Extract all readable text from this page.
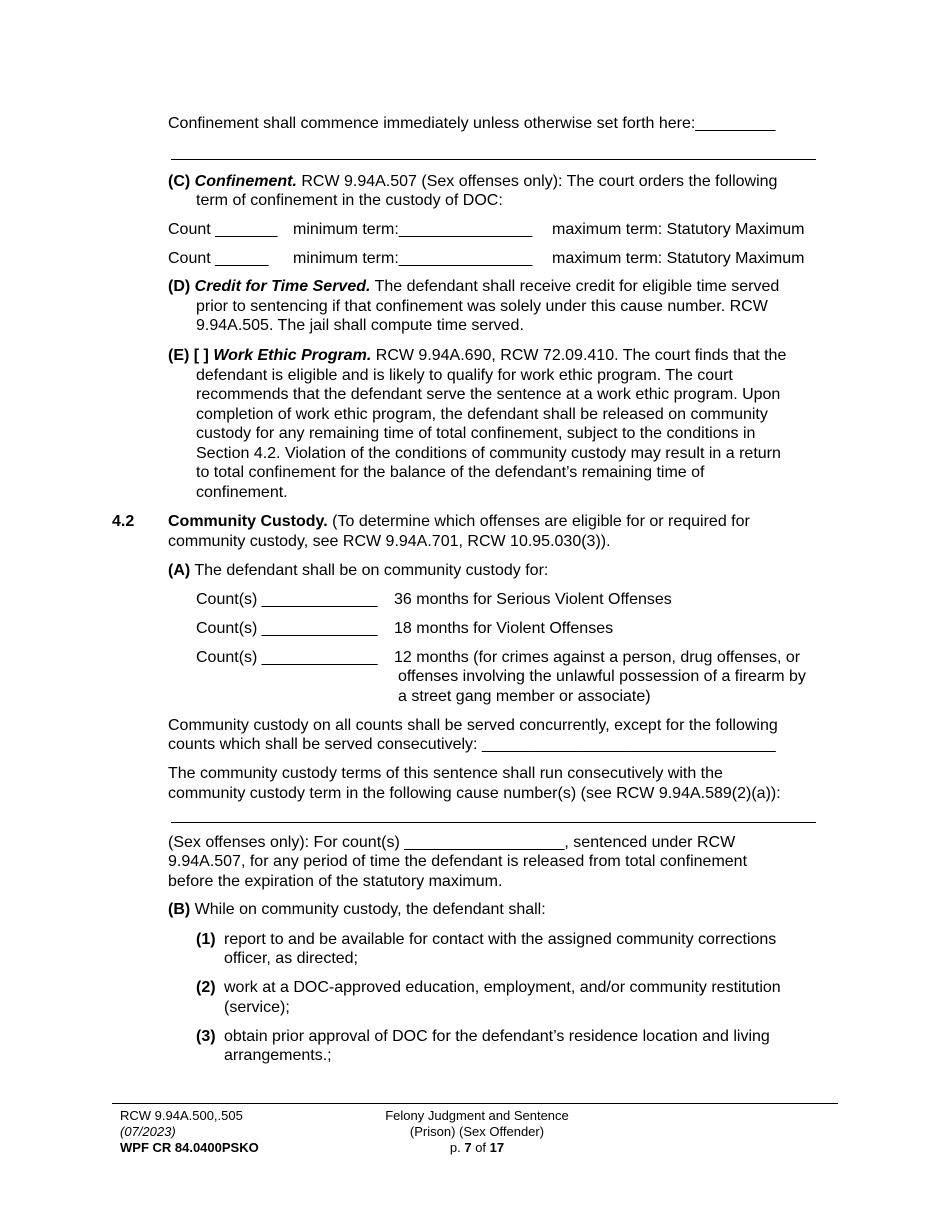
Confinement shall commence immediately unless otherwise set forth here:_________
(C) Confinement. RCW 9.94A.507 (Sex offenses only): The court orders the following
term of confinement in the custody of DOC:
Count _______ minimum term:_______________ maximum term: Statutory Maximum
Count ______ minimum term:_______________ maximum term: Statutory Maximum
(D) Credit for Time Served. The defendant shall receive credit for eligible time served
prior to sentencing if that confinement was solely under this cause number. RCW
9.94A.505. The jail shall compute time served.
(E) [ ] Work Ethic Program. RCW 9.94A.690, RCW 72.09.410. The court finds that the
defendant is eligible and is likely to qualify for work ethic program. The court
recommends that the defendant serve the sentence at a work ethic program. Upon
completion of work ethic program, the defendant shall be released on community
custody for any remaining time of total confinement, subject to the conditions in
Section 4.2. Violation of the conditions of community custody may result in a return
to total confinement for the balance of the defendant’s remaining time of
confinement.
4.2 Community Custody. (To determine which offenses are eligible for or required for
community custody, see RCW 9.94A.701, RCW 10.95.030(3)).
(A) The defendant shall be on community custody for:
Count(s) _____________ 36 months for Serious Violent Offenses
Count(s) _____________ 18 months for Violent Offenses
Count(s) _____________ 12 months (for crimes against a person, drug offenses, or
offenses involving the unlawful possession of a firearm by
a street gang member or associate)
Community custody on all counts shall be served concurrently, except for the following
counts which shall be served consecutively: _________________________________
The community custody terms of this sentence shall run consecutively with the
community custody term in the following cause number(s) (see RCW 9.94A.589(2)(a)):
(Sex offenses only): For count(s) __________________, sentenced under RCW
9.94A.507, for any period of time the defendant is released from total confinement
before the expiration of the statutory maximum.
(B) While on community custody, the defendant shall:
(1) report to and be available for contact with the assigned community corrections
officer, as directed;
(2) work at a DOC-approved education, employment, and/or community restitution
(service);
(3) obtain prior approval of DOC for the defendant’s residence location and living
arrangements.;
RCW 9.94A.500,.505
(07/2023)
WPF CR 84.0400PSKO
Felony Judgment and Sentence
(Prison) (Sex Offender)
p. 7 of 17
